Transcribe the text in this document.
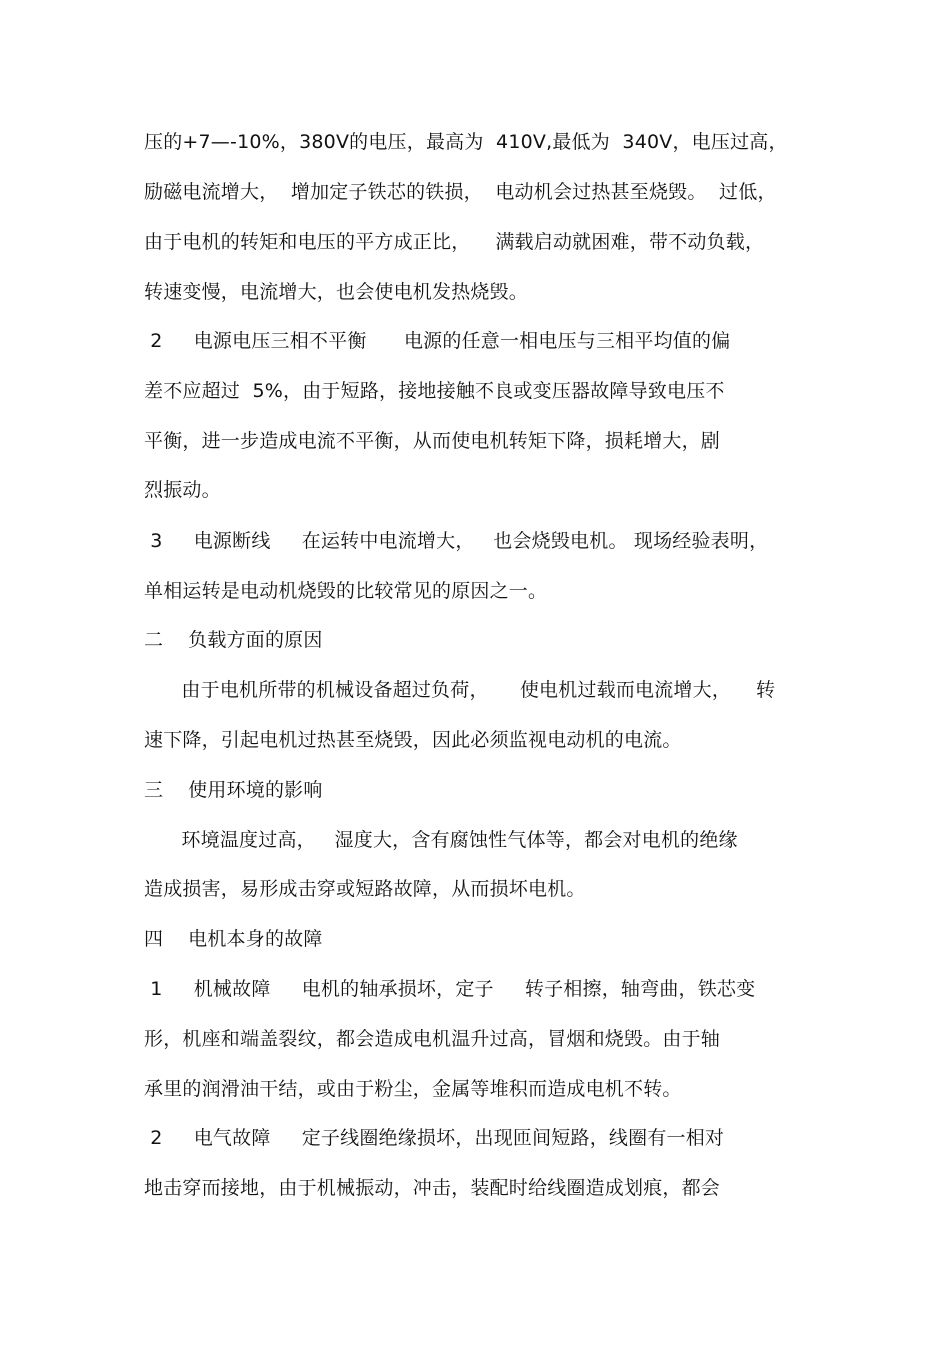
压的+7—-10%，380V的电压，最高为  410V,最低为  340V，电压过高，
励磁电流增大，  增加定子铁芯的铁损，  电动机会过热甚至烧毁。  过低，
由于电机的转矩和电压的平方成正比，    满载启动就困难，带不动负载，
转速变慢，电流增大，也会使电机发热烧毁。
2     电源电压三相不平衡      电源的任意一相电压与三相平均值的偏
差不应超过  5%，由于短路，接地接触不良或变压器故障导致电压不
平衡，进一步造成电流不平衡，从而使电机转矩下降，损耗增大，剧
烈振动。
3     电源断线     在运转中电流增大，   也会烧毁电机。 现场经验表明，
单相运转是电动机烧毁的比较常见的原因之一。
二    负载方面的原因
由于电机所带的机械设备超过负荷，     使电机过载而电流增大，    转
速下降，引起电机过热甚至烧毁，因此必须监视电动机的电流。
三    使用环境的影响
环境温度过高，   湿度大，含有腐蚀性气体等，都会对电机的绝缘
造成损害，易形成击穿或短路故障，从而损坏电机。
四    电机本身的故障
1     机械故障     电机的轴承损坏，定子     转子相擦，轴弯曲，铁芯变
形，机座和端盖裂纹，都会造成电机温升过高，冒烟和烧毁。由于轴
承里的润滑油干结，或由于粉尘，金属等堆积而造成电机不转。
2     电气故障     定子线圈绝缘损坏，出现匝间短路，线圈有一相对
地击穿而接地，由于机械振动，冲击，装配时给线圈造成划痕，都会
